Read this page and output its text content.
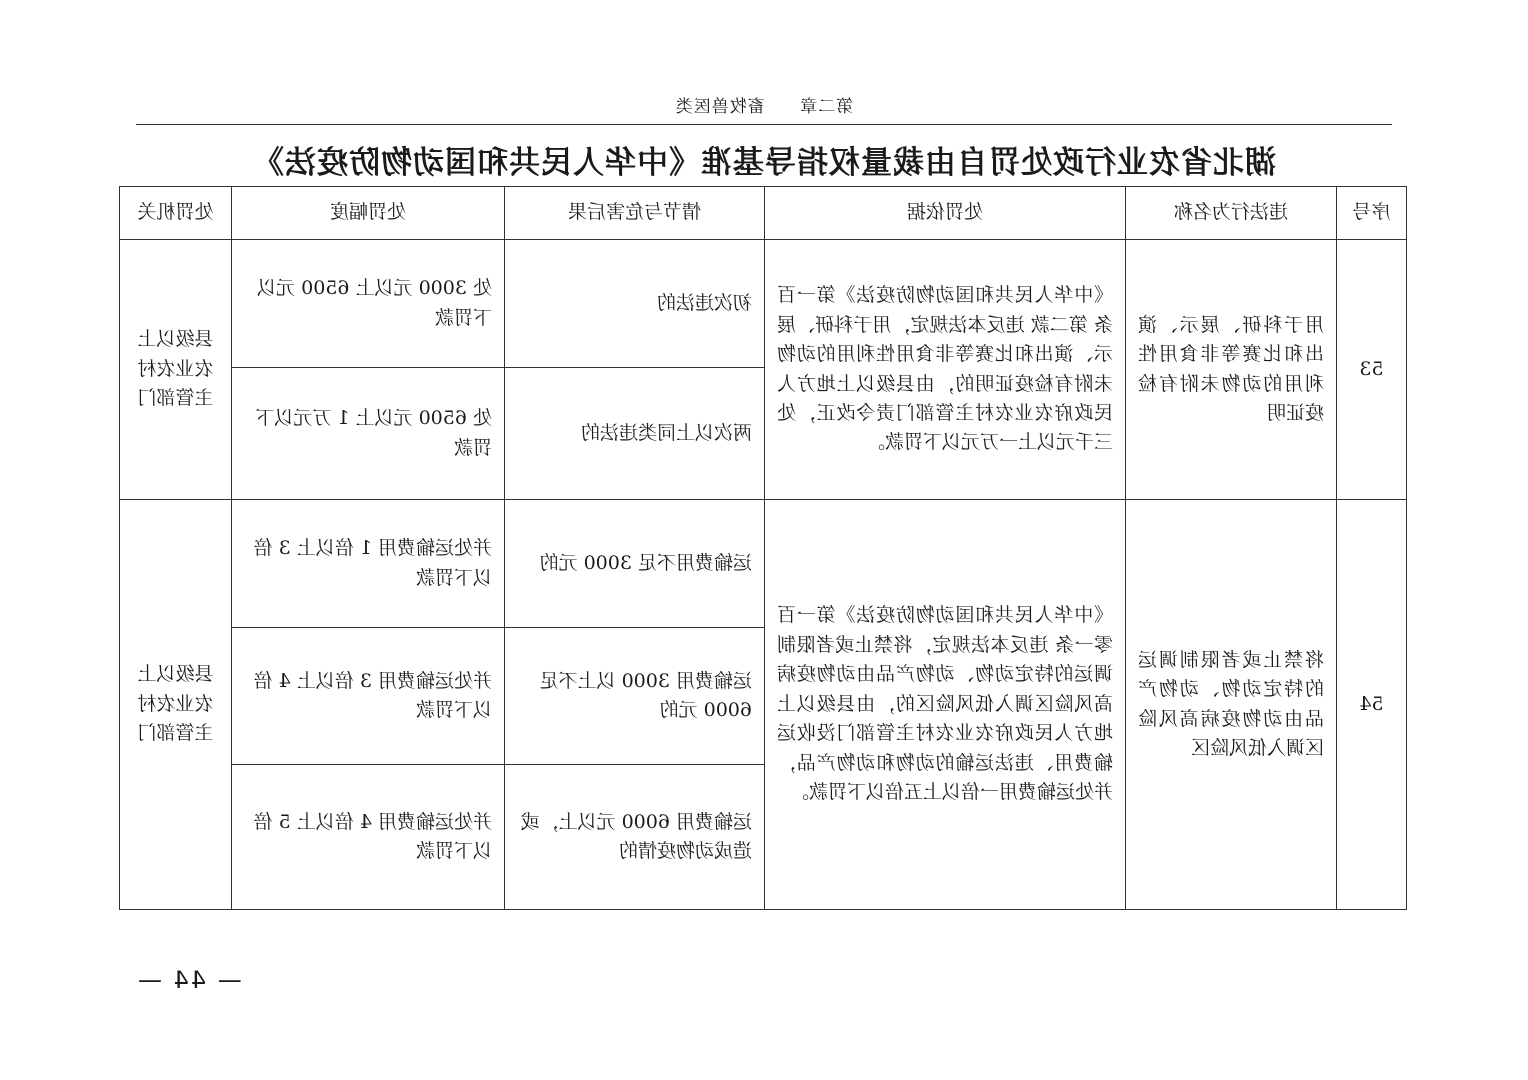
第二章 畜牧兽医类
湖北省农业行政处罚自由裁量权指导基准《中华人民共和国动物防疫法》
序号	违法行为名称	处罚依据	情节与危害后果	处罚幅度	处罚机关
53	用于科研、展示、演出和比赛等非食用性利用的动物未附有检疫证明	《中华人民共和国动物防疫法》第一百条 第二款 违反本法规定，用于科研、展示、演出和比赛等非食用性利用的动物未附有检疫证明的，由县级以上地方人民政府农业农村主管部门责令改正，处三千元以上一万元以下罚款。	初次违法的	处 3000 元以上 6500 元以下罚款	县级以上农业农村主管部门
			两次以上同类违法的	处 6500 元以上 1 万元以下罚款	
54	将禁止或者限制调运的特定动物、动物产品由动物疫病高风险区调入低风险区	《中华人民共和国动物防疫法》第一百零一条 违反本法规定，将禁止或者限制调运的特定动物、动物产品由动物疫病高风险区调入低风险区的，由县级以上地方人民政府农业农村主管部门没收运输费用、违法运输的动物和动物产品，并处运输费用一倍以上五倍以下罚款。	运输费用不足 3000 元的	并处运输费用 1 倍以上 3 倍以下罚款	县级以上农业农村主管部门
			运输费用 3000 以上不足 6000 元的	并处运输费用 3 倍以上 4 倍以下罚款	
			运输费用 6000 元以上，或造成动物疫情的	并处运输费用 4 倍以上 5 倍以下罚款	
— 44 —
